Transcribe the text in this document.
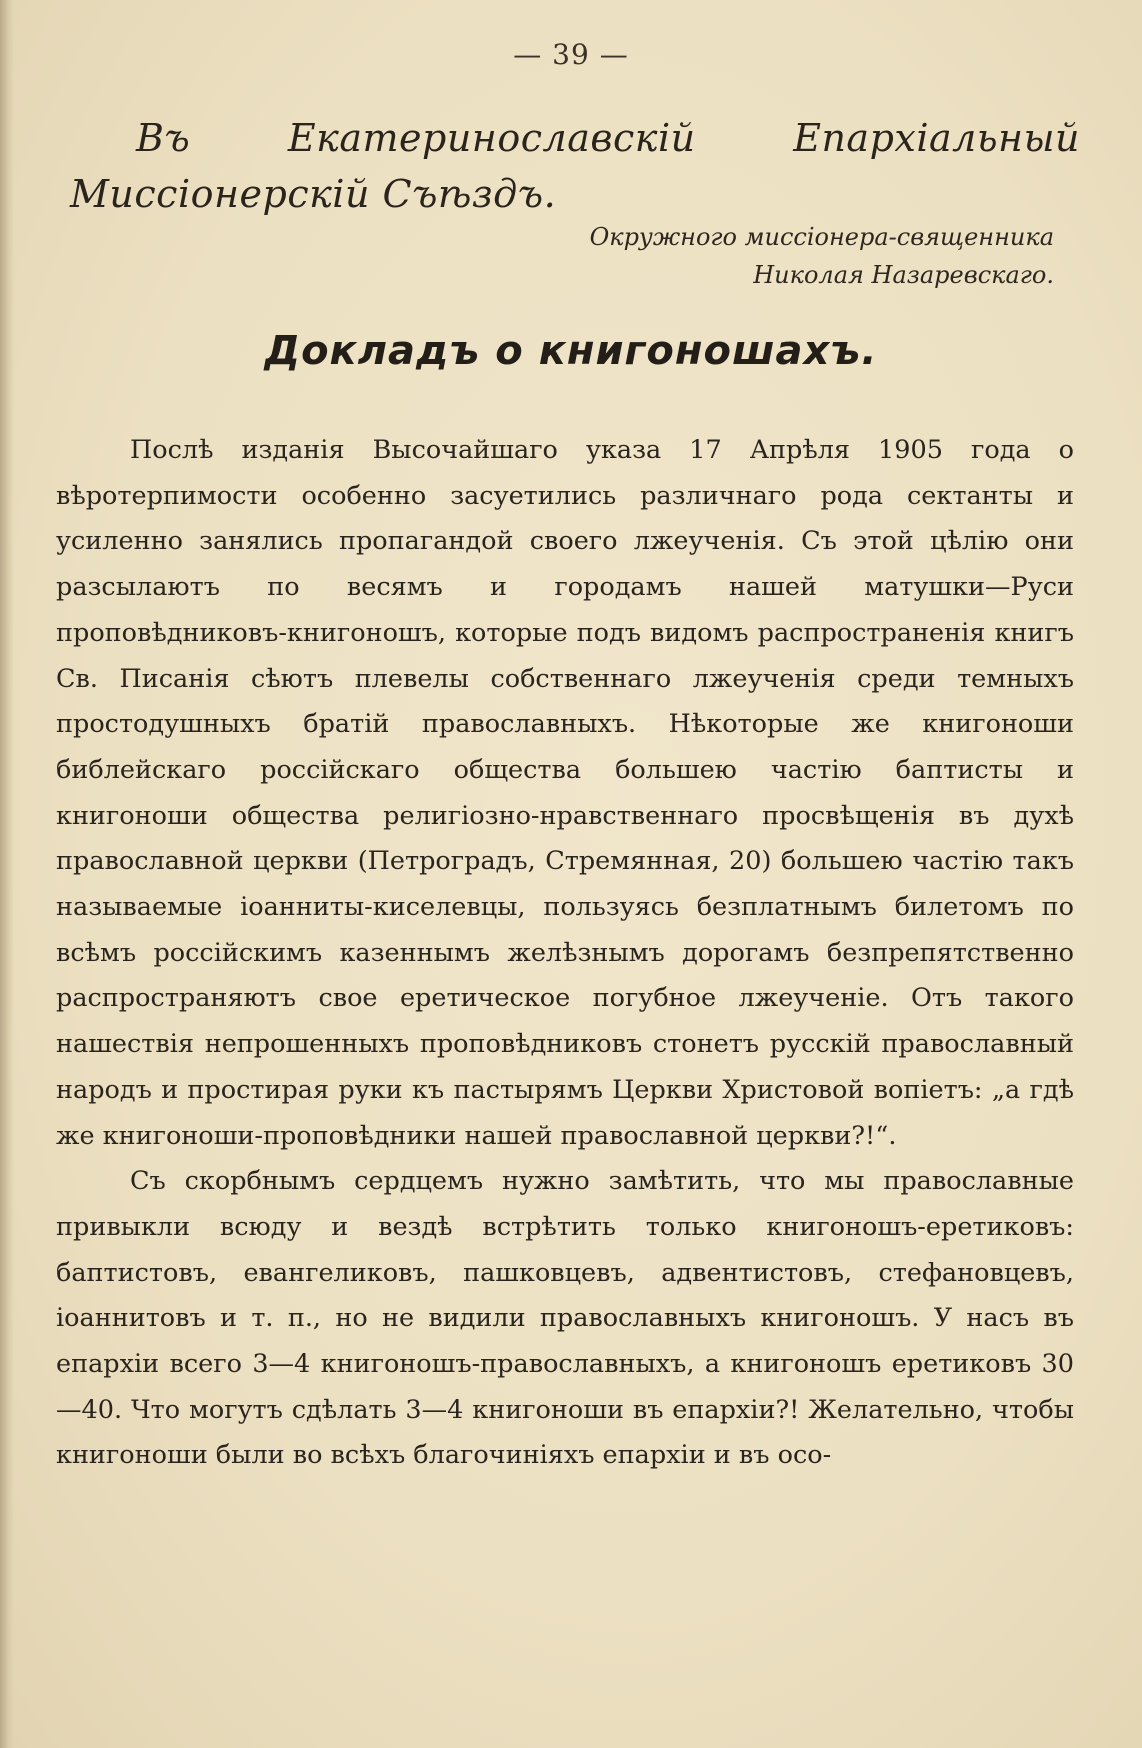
— 39 —
Въ Екатеринославскій Епархіальный Миссіонерскій Съѣздъ.
Окружного миссіонера-священника Николая Назаревскаго.
Докладъ о книгоношахъ.

Послѣ изданія Высочайшаго указа 17 Апрѣля 1905 года о вѣротерпимости особенно засуетились различнаго рода сектанты и усиленно занялись пропагандой своего лжеученія. Съ этой цѣлію они разсылаютъ по весямъ и городамъ нашей матушки—Руси проповѣдниковъ-книгоношъ, которые подъ видомъ распространенія книгъ Св. Писанія сѣютъ плевелы собственнаго лжеученія среди темныхъ простодушныхъ братій православныхъ. Нѣкоторые же книгоноши библейскаго россійскаго общества большею частію баптисты и книгоноши общества религіозно-нравственнаго просвѣщенія въ духѣ православной церкви (Петроградъ, Стремянная, 20) большею частію такъ называемые іоанниты-киселевцы, пользуясь безплатнымъ билетомъ по всѣмъ россійскимъ казеннымъ желѣзнымъ дорогамъ безпрепятственно распространяютъ свое еретическое погубное лжеученіе. Отъ такого нашествія непрошенныхъ проповѣдниковъ стонетъ русскій православный народъ и простирая руки къ пастырямъ Церкви Христовой вопіетъ: „а гдѣ же книгоноши-проповѣдники нашей православной церкви?!“.

Съ скорбнымъ сердцемъ нужно замѣтить, что мы православные привыкли всюду и вездѣ встрѣтить только книгоношъ-еретиковъ: баптистовъ, евангеликовъ, пашковцевъ, адвентистовъ, стефановцевъ, іоаннитовъ и т. п., но не видили православныхъ книгоношъ. У насъ въ епархіи всего 3—4 книгоношъ-православныхъ, а книгоношъ еретиковъ 30—40. Что могутъ сдѣлать 3—4 книгоноши въ епархіи?! Желательно, чтобы книгоноши были во всѣхъ благочиніяхъ епархіи и въ осо-
